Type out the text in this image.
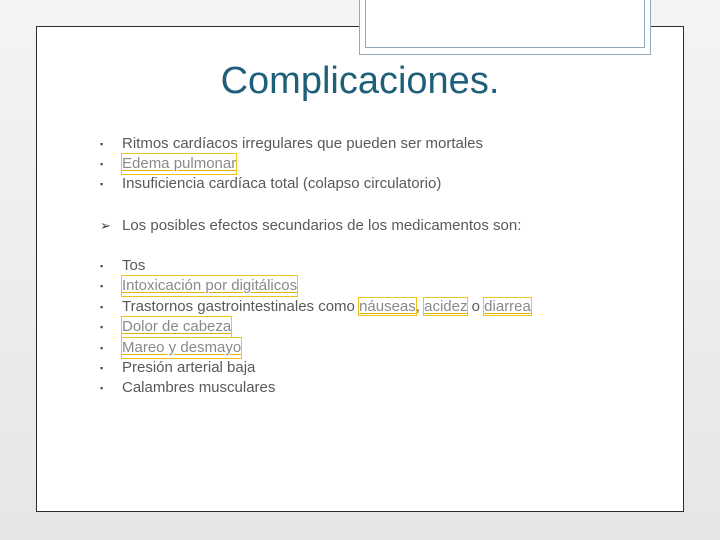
Complicaciones.
▪	Ritmos cardíacos irregulares que pueden ser mortales
▪	Edema pulmonar
▪	Insuficiencia cardíaca total (colapso circulatorio)
➢ Los posibles efectos secundarios de los medicamentos son:
▪	Tos
▪	Intoxicación por digitálicos
▪	Trastornos gastrointestinales como náuseas, acidez o diarrea
▪	Dolor de cabeza
▪	Mareo y desmayo
▪	Presión arterial baja
▪	Calambres musculares
